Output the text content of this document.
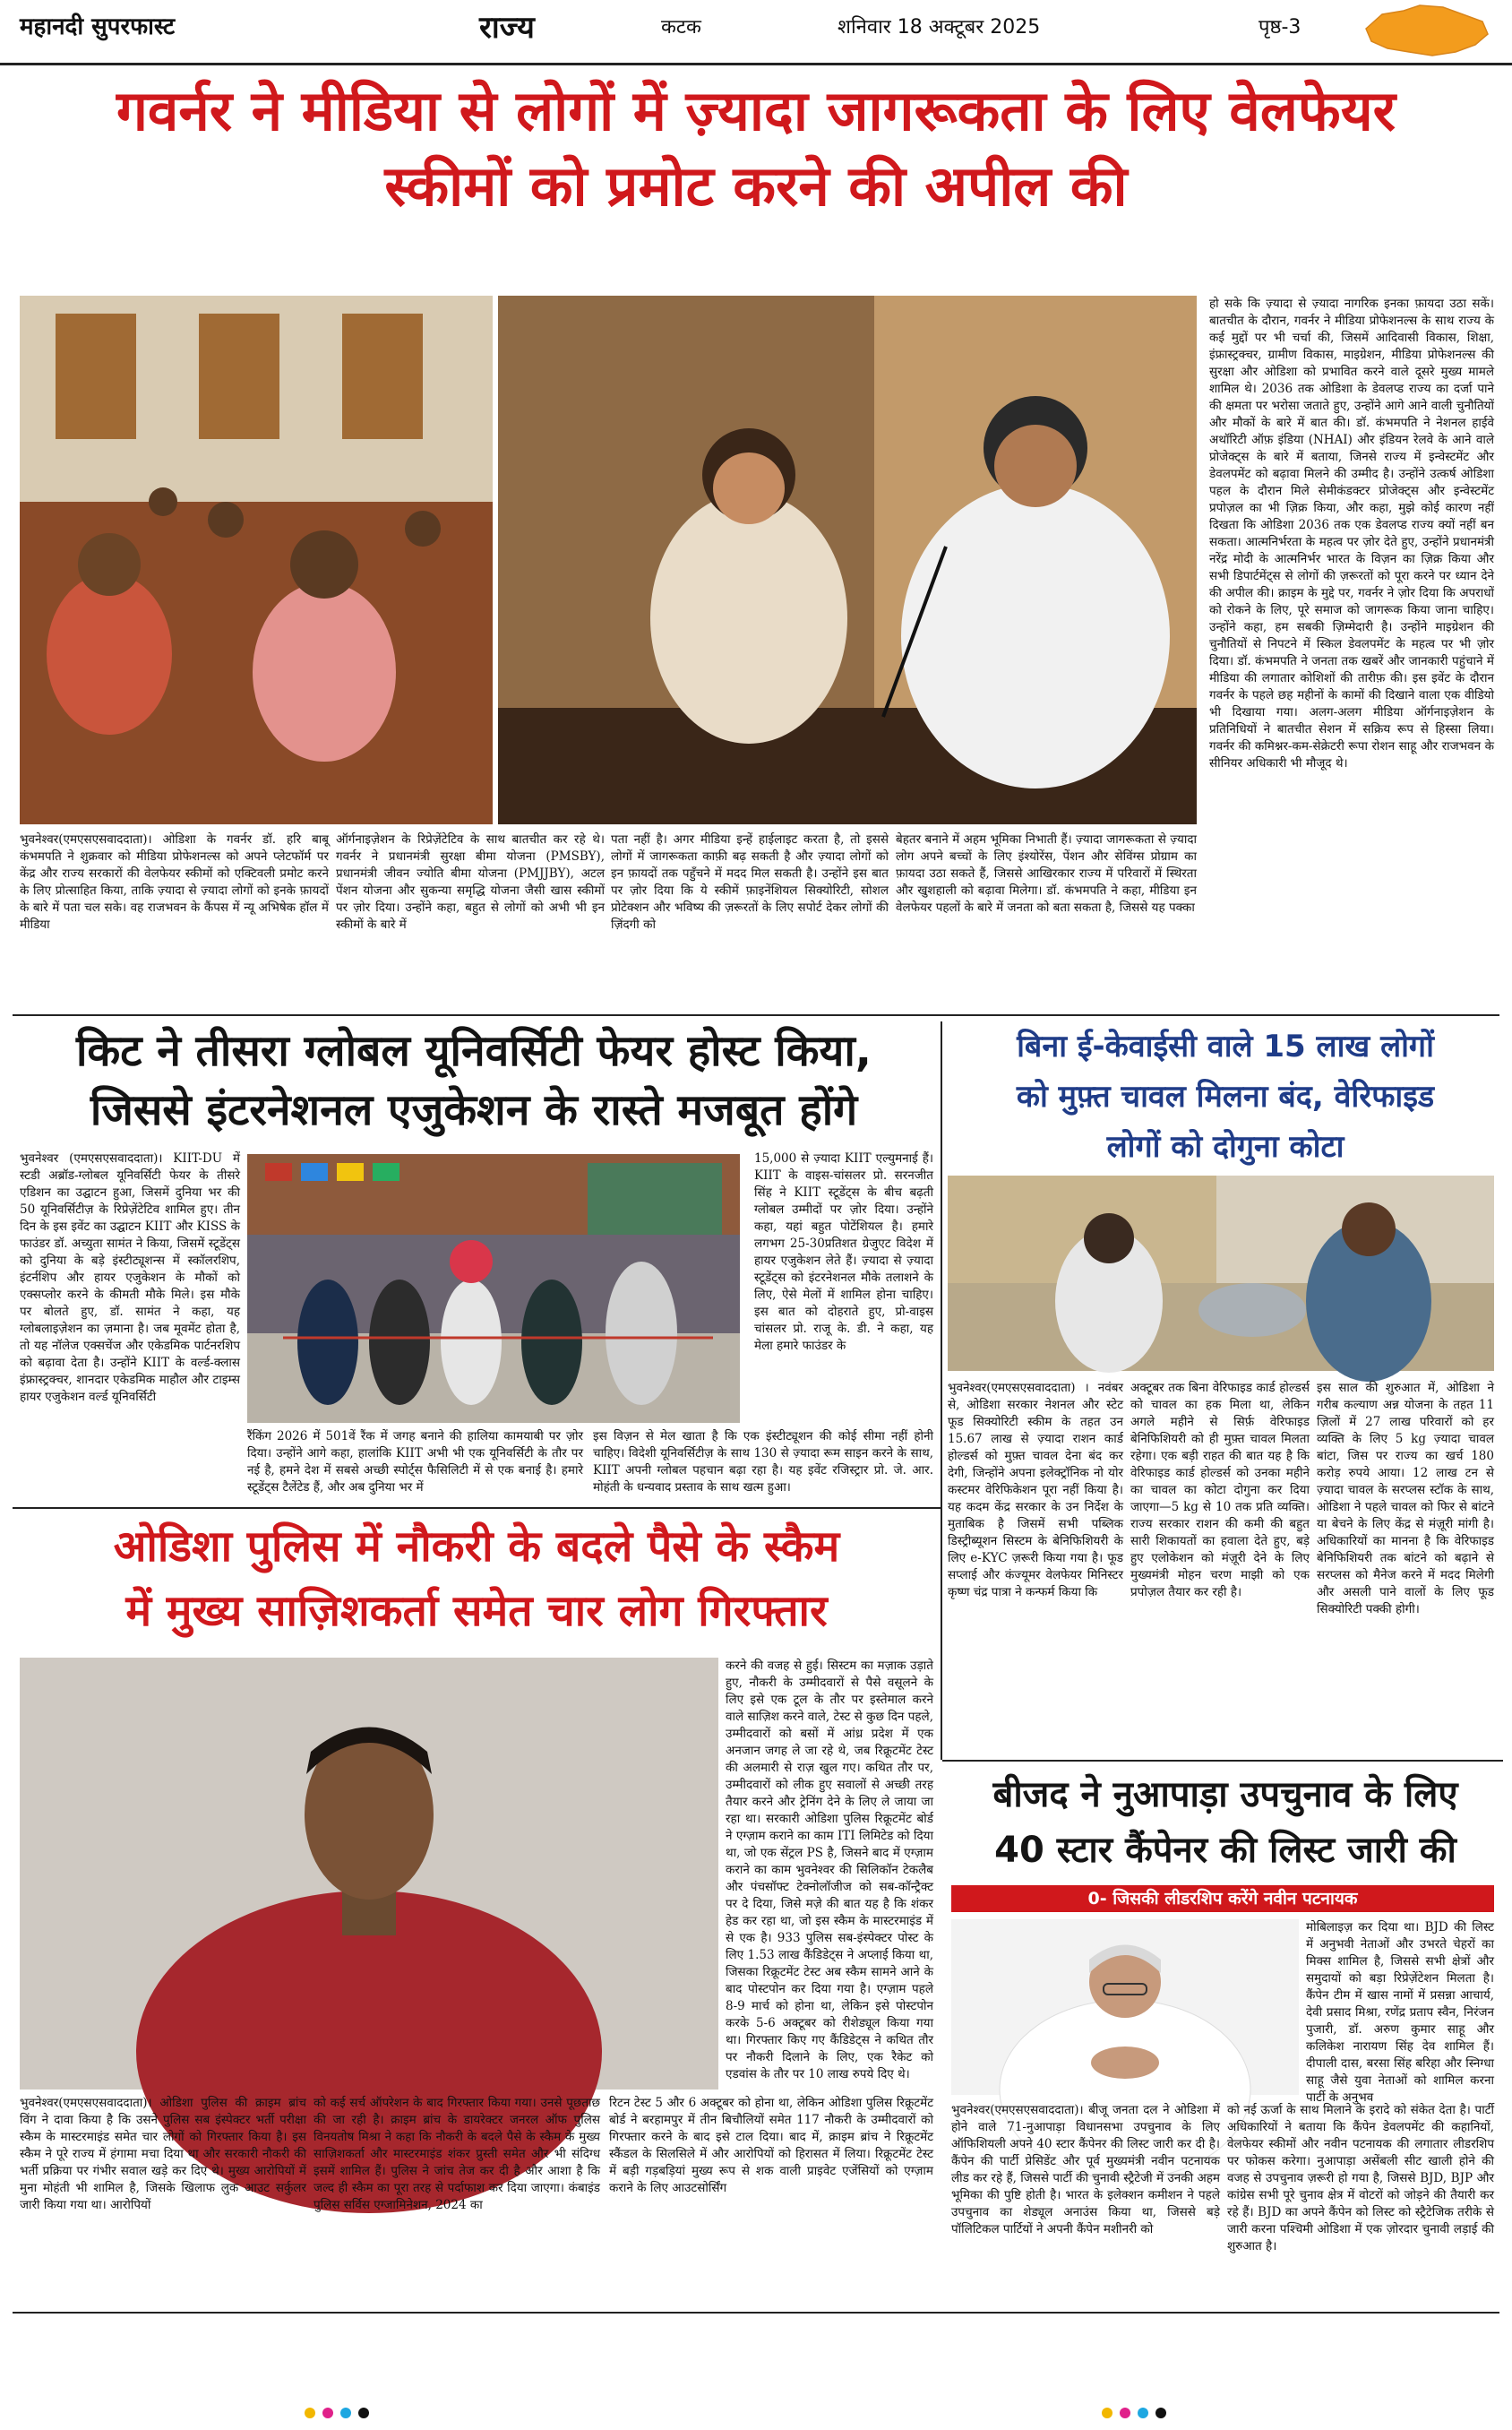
महानदी सुपरफास्ट	राज्य	कटक	शनिवार 18 अक्टूबर 2025	पृष्ठ-3
गवर्नर ने मीडिया से लोगों में ज़्यादा जागरूकता के लिए वेलफेयर
स्कीमों को प्रमोट करने की अपील की
भुवनेश्वर(एमएसएसवाददाता)। ओडिशा के गवर्नर डॉ. हरि बाबू कंभमपति ने शुक्रवार को मीडिया प्रोफेशनल्स को अपने प्लेटफॉर्म पर केंद्र और राज्य सरकारों की वेलफेयर स्कीमों को एक्टिवली प्रमोट करने के लिए प्रोत्साहित किया, ताकि ज़्यादा से ज़्यादा लोगों को इनके फ़ायदों के बारे में पता चल सके। वह राजभवन के कैंपस में न्यू अभिषेक हॉल में मीडिया
ऑर्गनाइज़ेशन के रिप्रेज़ेंटेटिव के साथ बातचीत कर रहे थे। गवर्नर ने प्रधानमंत्री सुरक्षा बीमा योजना (PMSBY), प्रधानमंत्री जीवन ज्योति बीमा योजना (PMJJBY), अटल पेंशन योजना और सुकन्या समृद्धि योजना जैसी खास स्कीमों पर ज़ोर दिया। उन्होंने कहा, बहुत से लोगों को अभी भी इन स्कीमों के बारे में
पता नहीं है। अगर मीडिया इन्हें हाईलाइट करता है, तो इससे लोगों में जागरूकता काफ़ी बढ़ सकती है और ज़्यादा लोगों को इन फ़ायदों तक पहुँचने में मदद मिल सकती है। उन्होंने इस बात पर ज़ोर दिया कि ये स्कीमें फ़ाइनेंशियल सिक्योरिटी, सोशल प्रोटेक्शन और भविष्य की ज़रूरतों के लिए सपोर्ट देकर लोगों की ज़िंदगी को
बेहतर बनाने में अहम भूमिका निभाती हैं। ज़्यादा जागरूकता से ज़्यादा लोग अपने बच्चों के लिए इंश्योरेंस, पेंशन और सेविंग्स प्रोग्राम का फ़ायदा उठा सकते हैं, जिससे आखिरकार राज्य में परिवारों में स्थिरता और खुशहाली को बढ़ावा मिलेगा। डॉ. कंभमपति ने कहा, मीडिया इन वेलफेयर पहलों के बारे में जनता को बता सकता है, जिससे यह पक्का
हो सके कि ज़्यादा से ज़्यादा नागरिक इनका फ़ायदा उठा सकें। बातचीत के दौरान, गवर्नर ने मीडिया प्रोफेशनल्स के साथ राज्य के कई मुद्दों पर भी चर्चा की, जिसमें आदिवासी विकास, शिक्षा, इंफ्रास्ट्रक्चर, ग्रामीण विकास, माइग्रेशन, मीडिया प्रोफेशनल्स की सुरक्षा और ओडिशा को प्रभावित करने वाले दूसरे मुख्य मामले शामिल थे। 2036 तक ओडिशा के डेवलप्ड राज्य का दर्जा पाने की क्षमता पर भरोसा जताते हुए, उन्होंने आगे आने वाली चुनौतियों और मौकों के बारे में बात की। डॉ. कंभमपति ने नेशनल हाईवे अथॉरिटी ऑफ़ इंडिया (NHAI) और इंडियन रेलवे के आने वाले प्रोजेक्ट्स के बारे में बताया, जिनसे राज्य में इन्वेस्टमेंट और डेवलपमेंट को बढ़ावा मिलने की उम्मीद है। उन्होंने उत्कर्ष ओडिशा पहल के दौरान मिले सेमीकंडक्टर प्रोजेक्ट्स और इन्वेस्टमेंट प्रपोज़ल का भी ज़िक्र किया, और कहा, मुझे कोई कारण नहीं दिखता कि ओडिशा 2036 तक एक डेवलप्ड राज्य क्यों नहीं बन सकता। आत्मनिर्भरता के महत्व पर ज़ोर देते हुए, उन्होंने प्रधानमंत्री नरेंद्र मोदी के आत्मनिर्भर भारत के विज़न का ज़िक्र किया और सभी डिपार्टमेंट्स से लोगों की ज़रूरतों को पूरा करने पर ध्यान देने की अपील की। क्राइम के मुद्दे पर, गवर्नर ने ज़ोर दिया कि अपराधों को रोकने के लिए, पूरे समाज को जागरूक किया जाना चाहिए। उन्होंने कहा, हम सबकी ज़िम्मेदारी है। उन्होंने माइग्रेशन की चुनौतियों से निपटने में स्किल डेवलपमेंट के महत्व पर भी ज़ोर दिया। डॉ. कंभमपति ने जनता तक खबरें और जानकारी पहुंचाने में मीडिया की लगातार कोशिशों की तारीफ़ की। इस इवेंट के दौरान गवर्नर के पहले छह महीनों के कामों की दिखाने वाला एक वीडियो भी दिखाया गया। अलग-अलग मीडिया ऑर्गनाइज़ेशन के प्रतिनिधियों ने बातचीत सेशन में सक्रिय रूप से हिस्सा लिया। गवर्नर की कमिश्नर-कम-सेक्रेटरी रूपा रोशन साहू और राजभवन के सीनियर अधिकारी भी मौजूद थे।
किट ने तीसरा ग्लोबल यूनिवर्सिटी फेयर होस्ट किया,
जिससे इंटरनेशनल एजुकेशन के रास्ते मजबूत होंगे
भुवनेश्वर (एमएसएसवाददाता)। KIIT-DU में स्टडी अब्रॉड-ग्लोबल यूनिवर्सिटी फेयर के तीसरे एडिशन का उद्घाटन हुआ, जिसमें दुनिया भर की 50 यूनिवर्सिटीज़ के रिप्रेज़ेंटेटिव शामिल हुए। तीन दिन के इस इवेंट का उद्घाटन KIIT और KISS के फाउंडर डॉ. अच्युता सामंत ने किया, जिसमें स्टूडेंट्स को दुनिया के बड़े इंस्टीट्यूशन्स में स्कॉलरशिप, इंटर्नशिप और हायर एजुकेशन के मौकों को एक्सप्लोर करने के कीमती मौके मिले। इस मौके पर बोलते हुए, डॉ. सामंत ने कहा, यह ग्लोबलाइज़ेशन का ज़माना है। जब मूवमेंट होता है, तो यह नॉलेज एक्सचेंज और एकेडमिक पार्टनरशिप को बढ़ावा देता है। उन्होंने KIIT के वर्ल्ड-क्लास इंफ्रास्ट्रक्चर, शानदार एकेडमिक माहौल और टाइम्स हायर एजुकेशन वर्ल्ड यूनिवर्सिटी
15,000 से ज़्यादा KIIT एल्युमनाई हैं। KIIT के वाइस-चांसलर प्रो. सरनजीत सिंह ने KIIT स्टूडेंट्स के बीच बढ़ती ग्लोबल उम्मीदों पर ज़ोर दिया। उन्होंने कहा, यहां बहुत पोटेंशियल है। हमारे लगभग 25-30प्रतिशत ग्रेजुएट विदेश में हायर एजुकेशन लेते हैं। ज़्यादा से ज़्यादा स्टूडेंट्स को इंटरनेशनल मौके तलाशने के लिए, ऐसे मेलों में शामिल होना चाहिए। इस बात को दोहराते हुए, प्रो-वाइस चांसलर प्रो. राजू के. डी. ने कहा, यह मेला हमारे फाउंडर के
रैंकिंग 2026 में 501वें रैंक में जगह बनाने की हालिया कामयाबी पर ज़ोर दिया। उन्होंने आगे कहा, हालांकि KIIT अभी भी एक यूनिवर्सिटी के तौर पर नई है, हमने देश में सबसे अच्छी स्पोर्ट्स फैसिलिटी में से एक बनाई है। हमारे स्टूडेंट्स टैलेंटेड हैं, और अब दुनिया भर में
इस विज़न से मेल खाता है कि एक इंस्टीट्यूशन की कोई सीमा नहीं होनी चाहिए। विदेशी यूनिवर्सिटीज़ के साथ 130 से ज़्यादा रूम साइन करने के साथ, KIIT अपनी ग्लोबल पहचान बढ़ा रहा है। यह इवेंट रजिस्ट्रार प्रो. जे. आर. मोहंती के धन्यवाद प्रस्ताव के साथ खत्म हुआ।
बिना ई-केवाईसी वाले 15 लाख लोगों
को मुफ़्त चावल मिलना बंद, वेरिफाइड
लोगों को दोगुना कोटा
भुवनेश्वर(एमएसएसवाददाता) । नवंबर से, ओडिशा सरकार नेशनल और स्टेट फूड सिक्योरिटी स्कीम के तहत उन 15.67 लाख से ज़्यादा राशन कार्ड होल्डर्स को मुफ़्त चावल देना बंद कर देगी, जिन्होंने अपना इलेक्ट्रॉनिक नो योर कस्टमर वेरिफिकेशन पूरा नहीं किया है। यह कदम केंद्र सरकार के उन निर्देश के मुताबिक है जिसमें सभी पब्लिक डिस्ट्रीब्यूशन सिस्टम के बेनिफिशियरी के लिए e-KYC ज़रूरी किया गया है। फूड सप्लाई और कंज्यूमर वेलफेयर मिनिस्टर कृष्ण चंद्र पात्रा ने कन्फर्म किया कि
अक्टूबर तक बिना वेरिफाइड कार्ड होल्डर्स को चावल का हक मिला था, लेकिन अगले महीने से सिर्फ़ वेरिफाइड बेनिफिशियरी को ही मुफ़्त चावल मिलता रहेगा। एक बड़ी राहत की बात यह है कि वेरिफाइड कार्ड होल्डर्स को उनका महीने का चावल का कोटा दोगुना कर दिया जाएगा—5 kg से 10 तक प्रति व्यक्ति। राज्य सरकार राशन की कमी की बहुत सारी शिकायतों का हवाला देते हुए, बड़े हुए एलोकेशन को मंज़ूरी देने के लिए मुख्यमंत्री मोहन चरण माझी को एक प्रपोज़ल तैयार कर रही है।
इस साल की शुरुआत में, ओडिशा ने गरीब कल्याण अन्न योजना के तहत 11 ज़िलों में 27 लाख परिवारों को हर व्यक्ति के लिए 5 kg ज़्यादा चावल बांटा, जिस पर राज्य का खर्च 180 करोड़ रुपये आया। 12 लाख टन से ज़्यादा चावल के सरप्लस स्टॉक के साथ, ओडिशा ने पहले चावल को फिर से बांटने या बेचने के लिए केंद्र से मंज़ूरी मांगी है। अधिकारियों का मानना है कि वेरिफाइड बेनिफिशियरी तक बांटने को बढ़ाने से सरप्लस को मैनेज करने में मदद मिलेगी और असली पाने वालों के लिए फूड सिक्योरिटी पक्की होगी।
ओडिशा पुलिस में नौकरी के बदले पैसे के स्कैम
में मुख्य साज़िशकर्ता समेत चार लोग गिरफ्तार
करने की वजह से हुई। सिस्टम का मज़ाक उड़ाते हुए, नौकरी के उम्मीदवारों से पैसे वसूलने के लिए इसे एक टूल के तौर पर इस्तेमाल करने वाले साज़िश करने वाले, टेस्ट से कुछ दिन पहले, उम्मीदवारों को बसों में आंध्र प्रदेश में एक अनजान जगह ले जा रहे थे, जब रिक्रूटमेंट टेस्ट की अलमारी से राज़ खुल गए। कथित तौर पर, उम्मीदवारों को लीक हुए सवालों से अच्छी तरह तैयार करने और ट्रेनिंग देने के लिए ले जाया जा रहा था। सरकारी ओडिशा पुलिस रिक्रूटमेंट बोर्ड ने एग्ज़ाम कराने का काम ITI लिमिटेड को दिया था, जो एक सेंट्रल PS है, जिसने बाद में एग्ज़ाम कराने का काम भुवनेश्वर की सिलिकॉन टेकलैब और पंचसॉफ्ट टेक्नोलॉजीज को सब-कॉन्ट्रैक्ट पर दे दिया, जिसे मज़े की बात यह है कि शंकर हेड कर रहा था, जो इस स्कैम के मास्टरमाइंड में से एक है। 933 पुलिस सब-इंस्पेक्टर पोस्ट के लिए 1.53 लाख कैंडिडेट्स ने अप्लाई किया था, जिसका रिक्रूटमेंट टेस्ट अब स्कैम सामने आने के बाद पोस्टपोन कर दिया गया है। एग्ज़ाम पहले 8-9 मार्च को होना था, लेकिन इसे पोस्टपोन करके 5-6 अक्टूबर को रीशेड्यूल किया गया था। गिरफ्तार किए गए कैंडिडेट्स ने कथित तौर पर नौकरी दिलाने के लिए, एक रैकेट को एडवांस के तौर पर 10 लाख रुपये दिए थे।
भुवनेश्वर(एमएसएसवाददाता)। ओडिशा पुलिस की क्राइम ब्रांच विंग ने दावा किया है कि उसने पुलिस सब इंस्पेक्टर भर्ती परीक्षा स्कैम के मास्टरमाइंड समेत चार लोगों को गिरफ्तार किया है। इस स्कैम ने पूरे राज्य में हंगामा मचा दिया था और सरकारी नौकरी की भर्ती प्रक्रिया पर गंभीर सवाल खड़े कर दिए थे। मुख्य आरोपियों में मुना मोहंती भी शामिल है, जिसके खिलाफ लुक आउट सर्कुलर जारी किया गया था। आरोपियों
को कई सर्च ऑपरेशन के बाद गिरफ्तार किया गया। उनसे पूछताछ की जा रही है। क्राइम ब्रांच के डायरेक्टर जनरल ऑफ पुलिस विनयतोष मिश्रा ने कहा कि नौकरी के बदले पैसे के स्कैम के मुख्य साज़िशकर्ता और मास्टरमाइंड शंकर प्रुस्ती समेत और भी संदिग्ध इसमें शामिल हैं। पुलिस ने जांच तेज कर दी है और आशा है कि जल्द ही स्कैम का पूरा तरह से पर्दाफाश कर दिया जाएगा। कंबाइंड पुलिस सर्विस एग्जामिनेशन, 2024 का
रिटन टेस्ट 5 और 6 अक्टूबर को होना था, लेकिन ओडिशा पुलिस रिक्रूटमेंट बोर्ड ने बरहामपुर में तीन बिचौलियों समेत 117 नौकरी के उम्मीदवारों को गिरफ्तार करने के बाद इसे टाल दिया। बाद में, क्राइम ब्रांच ने रिक्रूटमेंट स्कैंडल के सिलसिले में और आरोपियों को हिरासत में लिया। रिक्रूटमेंट टेस्ट में बड़ी गड़बड़ियां मुख्य रूप से शक वाली प्राइवेट एजेंसियों को एग्ज़ाम कराने के लिए आउटसोर्सिंग
बीजद ने नुआपाड़ा उपचुनाव के लिए
40 स्टार कैंपेनर की लिस्ट जारी की
0- जिसकी लीडरशिप करेंगे नवीन पटनायक
मोबिलाइज़ कर दिया था। BJD की लिस्ट में अनुभवी नेताओं और उभरते चेहरों का मिक्स शामिल है, जिससे सभी क्षेत्रों और समुदायों को बड़ा रिप्रेज़ेंटेशन मिलता है। कैंपेन टीम में खास नामों में प्रसन्ना आचार्य, देवी प्रसाद मिश्रा, रणेंद्र प्रताप स्वैन, निरंजन पुजारी, डॉ. अरुण कुमार साहू और कलिकेश नारायण सिंह देव शामिल हैं। दीपाली दास, बरसा सिंह बरिहा और स्निग्धा साहू जैसे युवा नेताओं को शामिल करना पार्टी के अनुभव
भुवनेश्वर(एमएसएसवाददाता)। बीजू जनता दल ने ओडिशा में होने वाले 71-नुआपाड़ा विधानसभा उपचुनाव के लिए ऑफिशियली अपने 40 स्टार कैंपेनर की लिस्ट जारी कर दी है। कैंपेन की पार्टी प्रेसिडेंट और पूर्व मुख्यमंत्री नवीन पटनायक लीड कर रहे हैं, जिससे पार्टी की चुनावी स्ट्रैटेजी में उनकी अहम भूमिका की पुष्टि होती है। भारत के इलेक्शन कमीशन ने पहले उपचुनाव का शेड्यूल अनाउंस किया था, जिससे बड़े पॉलिटिकल पार्टियों ने अपनी कैंपेन मशीनरी को
को नई ऊर्जा के साथ मिलाने के इरादे को संकेत देता है। पार्टी अधिकारियों ने बताया कि कैंपेन डेवलपमेंट की कहानियों, वेलफेयर स्कीमों और नवीन पटनायक की लगातार लीडरशिप पर फोकस करेगा। नुआपाड़ा असेंबली सीट खाली होने की वजह से उपचुनाव ज़रूरी हो गया है, जिससे BJD, BJP और कांग्रेस सभी पूरे चुनाव क्षेत्र में वोटरों को जोड़ने की तैयारी कर रहे हैं। BJD का अपने कैंपेन को लिस्ट को स्ट्रैटेजिक तरीके से जारी करना पश्चिमी ओडिशा में एक ज़ोरदार चुनावी लड़ाई की शुरुआत है।
